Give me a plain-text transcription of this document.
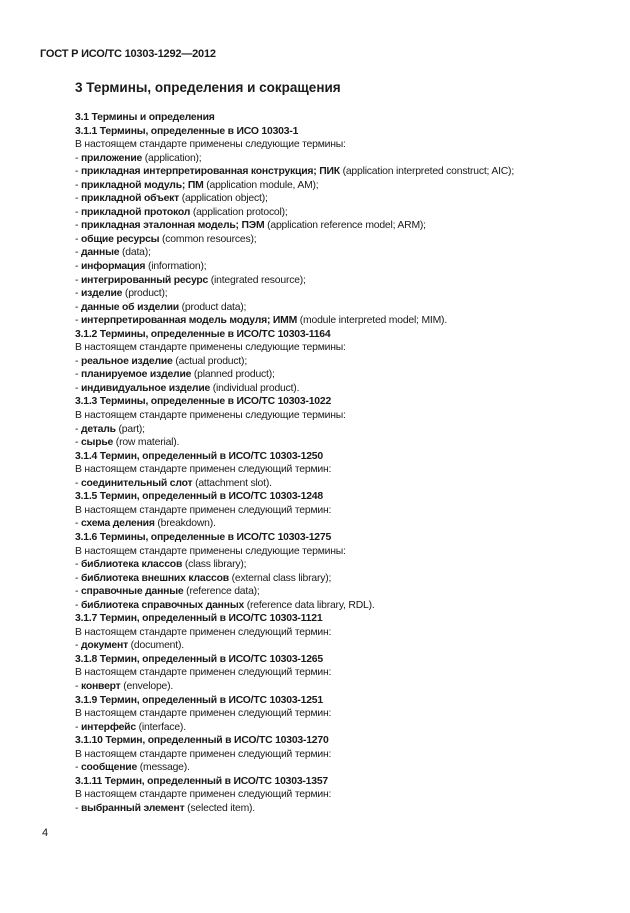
ГОСТ Р ИСО/ТС 10303-1292—2012
3 Термины, определения и сокращения
3.1 Термины и определения
3.1.1 Термины, определенные в ИСО 10303-1
В настоящем стандарте применены следующие термины:
- приложение (application);
- прикладная интерпретированная конструкция; ПИК (application interpreted construct; AIC);
- прикладной модуль; ПМ (application module, AM);
- прикладной объект (application object);
- прикладной протокол (application protocol);
- прикладная эталонная модель; ПЭМ (application reference model; ARM);
- общие ресурсы (common resources);
- данные (data);
- информация (information);
- интегрированный ресурс (integrated resource);
- изделие (product);
- данные об изделии (product data);
- интерпретированная модель модуля; ИММ (module interpreted model; MIM).
3.1.2 Термины, определенные в ИСО/ТС 10303-1164
В настоящем стандарте применены следующие термины:
- реальное изделие (actual product);
- планируемое изделие (planned product);
- индивидуальное изделие (individual product).
3.1.3 Термины, определенные в ИСО/ТС 10303-1022
В настоящем стандарте применены следующие термины:
- деталь (part);
- сырье (row material).
3.1.4 Термин, определенный в ИСО/ТС 10303-1250
В настоящем стандарте применен следующий термин:
- соединительный слот (attachment slot).
3.1.5 Термин, определенный в ИСО/ТС 10303-1248
В настоящем стандарте применен следующий термин:
- схема деления (breakdown).
3.1.6 Термины, определенные в ИСО/ТС 10303-1275
В настоящем стандарте применены следующие термины:
- библиотека классов (class library);
- библиотека внешних классов (external class library);
- справочные данные (reference data);
- библиотека справочных данных (reference data library, RDL).
3.1.7 Термин, определенный в ИСО/ТС 10303-1121
В настоящем стандарте применен следующий термин:
- документ (document).
3.1.8 Термин, определенный в ИСО/ТС 10303-1265
В настоящем стандарте применен следующий термин:
- конверт (envelope).
3.1.9 Термин, определенный в ИСО/ТС 10303-1251
В настоящем стандарте применен следующий термин:
- интерфейс (interface).
3.1.10 Термин, определенный в ИСО/ТС 10303-1270
В настоящем стандарте применен следующий термин:
- сообщение (message).
3.1.11 Термин, определенный в ИСО/ТС 10303-1357
В настоящем стандарте применен следующий термин:
- выбранный элемент (selected item).
4
